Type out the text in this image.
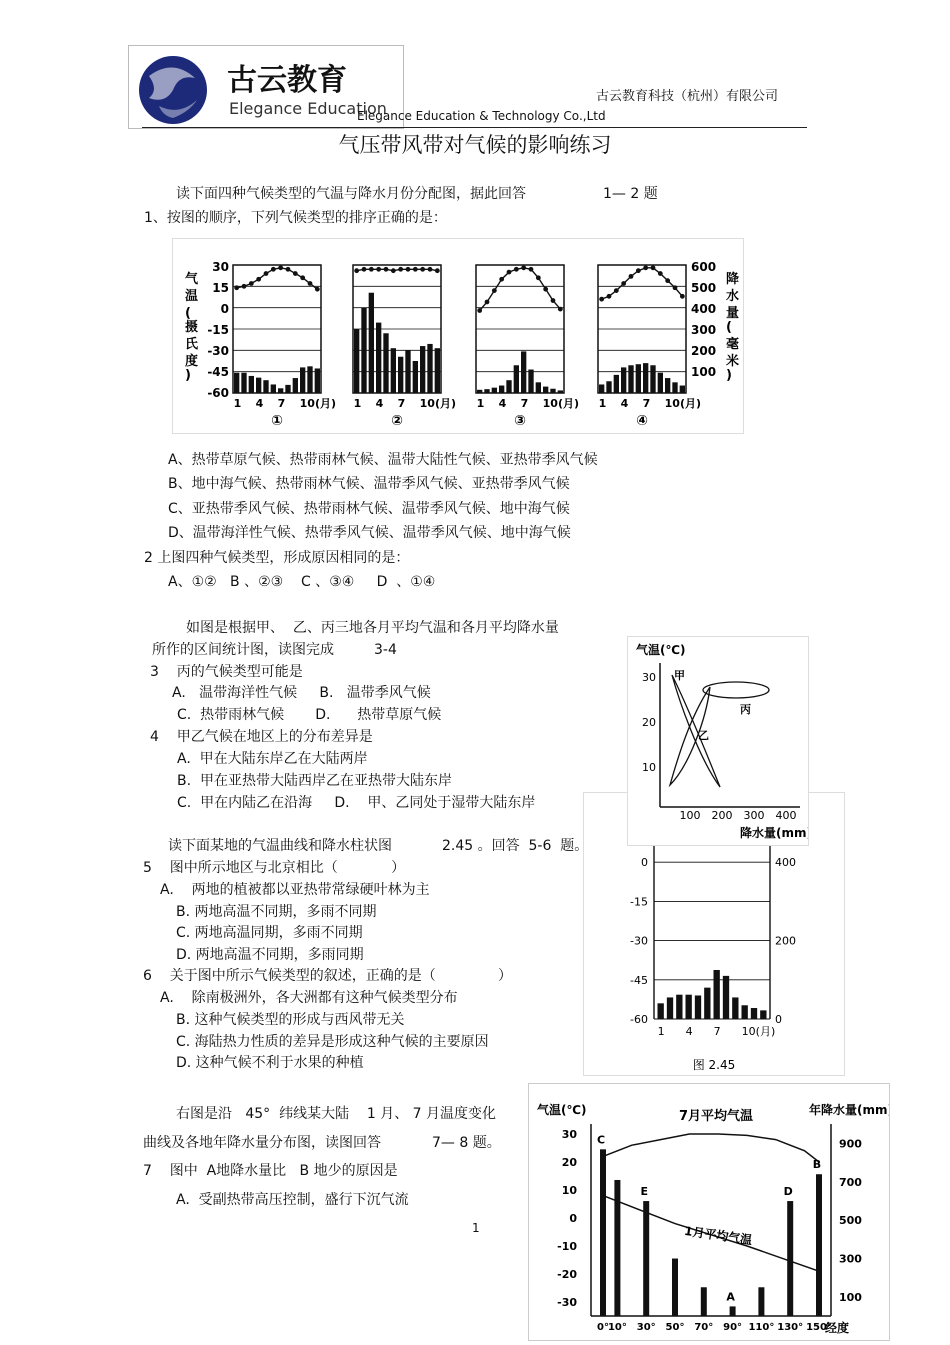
古云教育
Elegance Education
古云教育科技（杭州）有限公司
Elegance Education & Technology Co.,Ltd
气压带风带对气候的影响练习
读下面四种气候类型的气温与降水月份分配图，据此回答	1— 2 题
1、按图的顺序，下列气候类型的排序正确的是：
气温(摄氏度)
30
15
0
-15
-30
-45
-60
600
500
400
300
200
100
降水量(毫米)
1 4 7 10(月)
①
1 4 7 10(月)
②
1 4 7 10(月)
③
1 4 7 10(月)
④
A、热带草原气候、热带雨林气候、温带大陆性气候、亚热带季风气候
B、地中海气候、热带雨林气候、温带季风气候、亚热带季风气候
C、亚热带季风气候、热带雨林气候、温带季风气候、地中海气候
D、温带海洋性气候、热带季风气候、温带季风气候、地中海气候
2 上图四种气候类型，形成原因相同的是：
A、①②   B 、②③    C 、③④     D  、①④
如图是根据甲、  乙、丙三地各月平均气温和各月平均降水量
所作的区间统计图，读图完成	3-4
3    丙的气候类型可能是
A.   温带海洋性气候     B.   温带季风气候
C.  热带雨林气候       D.      热带草原气候
4    甲乙气候在地区上的分布差异是
A.  甲在大陆东岸乙在大陆两岸
B.  甲在亚热带大陆西岸乙在亚热带大陆东岸
C.  甲在内陆乙在沿海     D.    甲、乙同处于湿带大陆东岸
0
-15
-30
-45
-60
400
200
0
1 4 7 10(月)
图 2.45
气温(℃)
30
20
10
100 200 300 400
降水量(mm)
甲
乙
丙
读下面某地的气温曲线和降水柱状图	2.45 。回答  5-6  题。
5    图中所示地区与北京相比（            ）
A.    两地的植被都以亚热带常绿硬叶林为主
B. 两地高温不同期，多雨不同期
C. 两地高温同期，多雨不同期
D. 两地高温不同期，多雨同期
6    关于图中所示气候类型的叙述，正确的是（              ）
A.    除南极洲外，各大洲都有这种气候类型分布
B. 这种气候类型的形成与西风带无关
C. 海陆热力性质的差异是形成这种气候的主要原因
D. 这种气候不利于水果的种植
右图是沿   45°  纬线某大陆    1 月、 7 月温度变化
曲线及各地年降水量分布图，读图回答	7— 8 题。
7    图中  A地降水量比   B 地少的原因是
A.  受副热带高压控制，盛行下沉气流
1
气温(℃)	年降水量(mm)
7月平均气温
30
20
10
0
-10
-20
-30
900
700
500
300
100
0°
10° 30° 50° 70° 90° 110° 130° 150°
1月平均气温
C
E
A
D
B
经度
